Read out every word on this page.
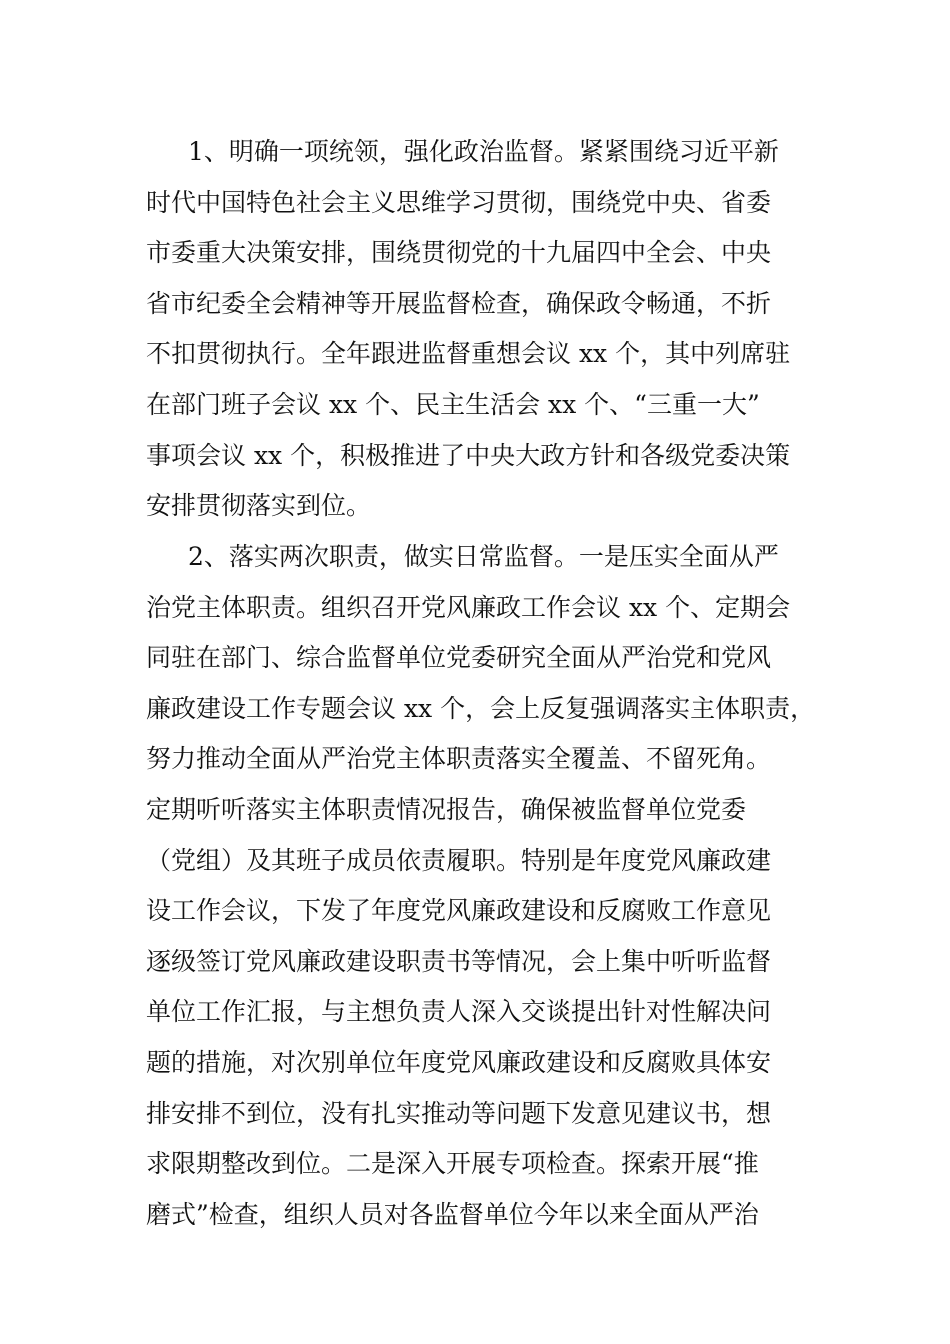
1、明确一项统领，强化政治监督。紧紧围绕习近平新
时代中国特色社会主义思维学习贯彻，围绕党中央、省委
市委重大决策安排，围绕贯彻党的十九届四中全会、中央
省市纪委全会精神等开展监督检查，确保政令畅通，不折
不扣贯彻执行。全年跟进监督重想会议 xx 个，其中列席驻
在部门班子会议 xx 个、民主生活会 xx 个、“三重一大”
事项会议 xx 个，积极推进了中央大政方针和各级党委决策
安排贯彻落实到位。
2、落实两次职责，做实日常监督。一是压实全面从严
治党主体职责。组织召开党风廉政工作会议 xx 个、定期会
同驻在部门、综合监督单位党委研究全面从严治党和党风
廉政建设工作专题会议 xx 个，会上反复强调落实主体职责，
努力推动全面从严治党主体职责落实全覆盖、不留死角。
定期听听落实主体职责情况报告，确保被监督单位党委
（党组）及其班子成员依责履职。特别是年度党风廉政建
设工作会议，下发了年度党风廉政建设和反腐败工作意见
逐级签订党风廉政建设职责书等情况，会上集中听听监督
单位工作汇报，与主想负责人深入交谈提出针对性解决问
题的措施，对次别单位年度党风廉政建设和反腐败具体安
排安排不到位，没有扎实推动等问题下发意见建议书，想
求限期整改到位。二是深入开展专项检查。探索开展“推
磨式”检查，组织人员对各监督单位今年以来全面从严治
